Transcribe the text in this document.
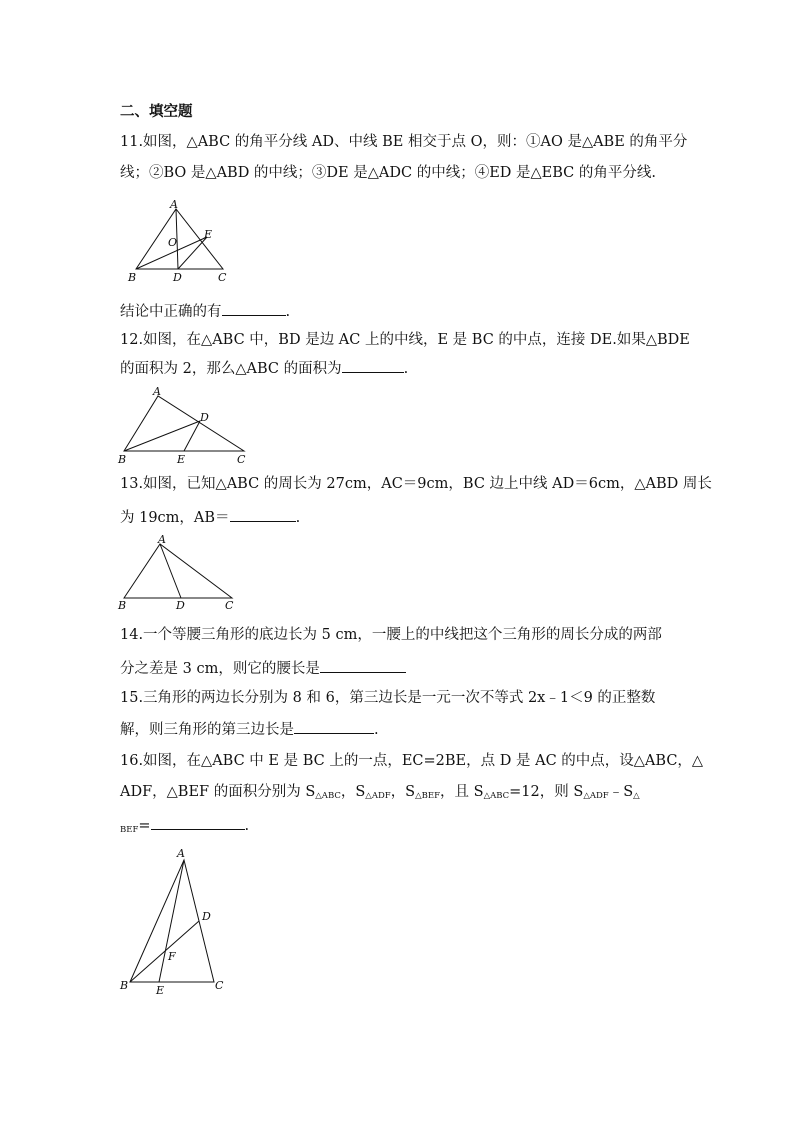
二、填空题
11.如图，△ABC 的角平分线 AD、中线 BE 相交于点 O，则：①AO 是△ABE 的角平分
线；②BO 是△ABD 的中线；③DE 是△ADC 的中线；④ED 是△EBC 的角平分线.
A
O
E
B	D	C
结论中正确的有	.
12.如图，在△ABC 中，BD 是边 AC 上的中线，E 是 BC 的中点，连接 DE.如果△BDE
的面积为 2，那么△ABC 的面积为	.
A
D
B	E	C
13.如图，已知△ABC 的周长为 27cm，AC＝9cm，BC 边上中线 AD＝6cm，△ABD 周长
为 19cm，AB＝	.
A
B	D	C
14.一个等腰三角形的底边长为 5 cm，一腰上的中线把这个三角形的周长分成的两部
分之差是 3 cm，则它的腰长是
15.三角形的两边长分别为 8 和 6，第三边长是一元一次不等式 2x﹣1＜9 的正整数
解，则三角形的第三边长是	.
16.如图，在△ABC 中 E 是 BC 上的一点，EC=2BE，点 D 是 AC 的中点，设△ABC，△
ADF，△BEF 的面积分别为 $S_{\triangle ABC}$，$S_{\triangle ADF}$，$S_{\triangle BEF}$，且 $S_{\triangle ABC}=12$，则 $S_{\triangle ADF}﹣S_\triangle$
$_{BEF}$=	.
A
D
F
B	E	C
